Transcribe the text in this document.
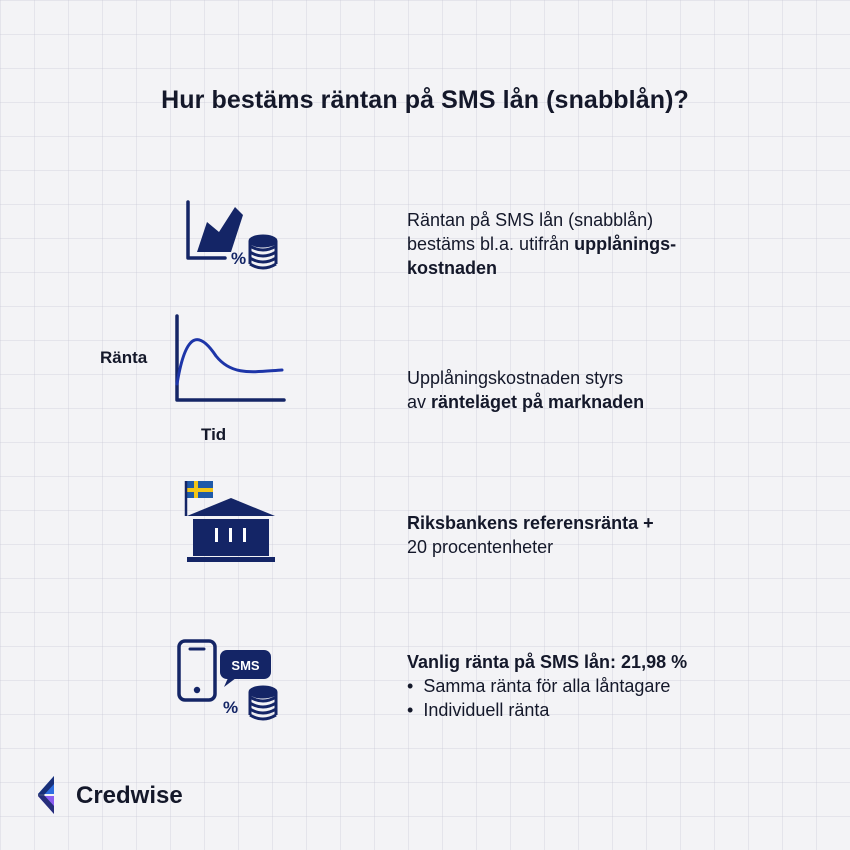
Hur bestäms räntan på SMS lån (snabblån)?
%
Räntan på SMS lån (snabblån)
bestäms bl.a. utifrån upplånings-
kostnaden
Ränta
Tid
Upplåningskostnaden styrs
av ränteläget på marknaden
Riksbankens referensränta +
20 procentenheter
SMS
%
Vanlig ränta på SMS lån: 21,98 %
•  Samma ränta för alla låntagare
•  Individuell ränta
Credwise
